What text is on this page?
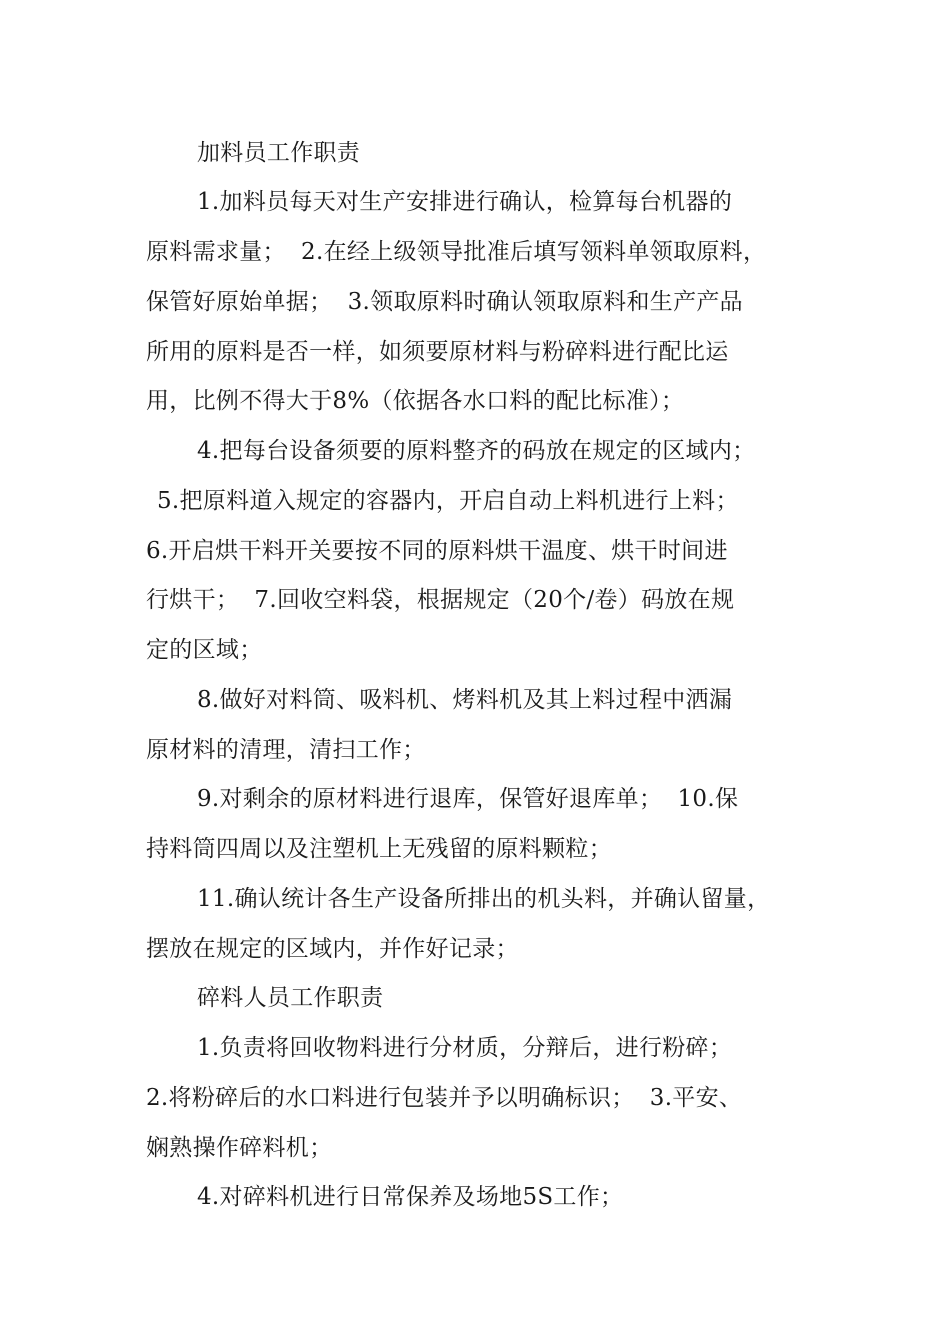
加料员工作职责
1.加料员每天对生产安排进行确认，检算每台机器的
原料需求量；  2.在经上级领导批准后填写领料单领取原料，
保管好原始单据；  3.领取原料时确认领取原料和生产产品
所用的原料是否一样，如须要原材料与粉碎料进行配比运
用，比例不得大于8%（依据各水口料的配比标准）；
4.把每台设备须要的原料整齐的码放在规定的区域内；
5.把原料道入规定的容器内，开启自动上料机进行上料；
6.开启烘干料开关要按不同的原料烘干温度、烘干时间进
行烘干；  7.回收空料袋，根据规定（20个/卷）码放在规
定的区域；
8.做好对料筒、吸料机、烤料机及其上料过程中洒漏
原材料的清理，清扫工作；
9.对剩余的原材料进行退库，保管好退库单；  10.保
持料筒四周以及注塑机上无残留的原料颗粒；
11.确认统计各生产设备所排出的机头料，并确认留量，
摆放在规定的区域内，并作好记录；
碎料人员工作职责
1.负责将回收物料进行分材质，分辩后，进行粉碎；
2.将粉碎后的水口料进行包装并予以明确标识；  3.平安、
娴熟操作碎料机；
4.对碎料机进行日常保养及场地5S工作；
